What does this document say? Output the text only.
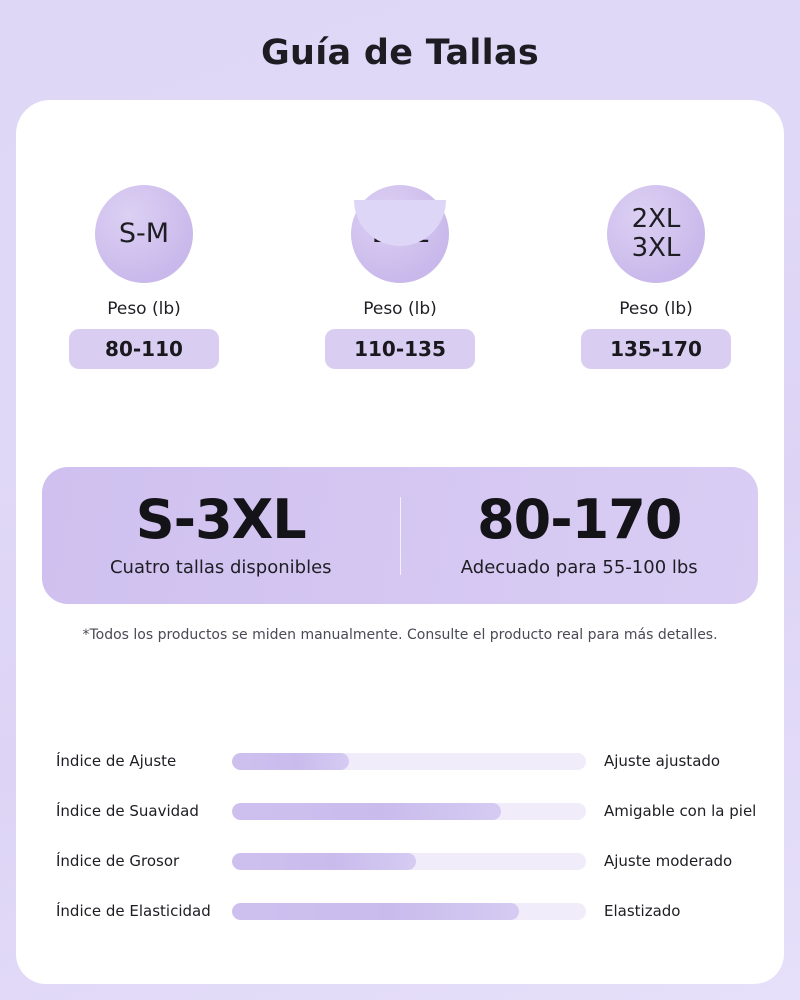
Guía de Tallas
S-M
Peso (lb)
80-110
Peso (lb)
110-135
2XL
3XL
Peso (lb)
135-170
S-3XL
Cuatro tallas disponibles
80-170
Adecuado para 55-100 lbs
*Todos los productos se miden manualmente. Consulte el producto real para más detalles.
Índice de Ajuste	Ajuste ajustado
Índice de Suavidad	Amigable con la piel
Índice de Grosor	Ajuste moderado
Índice de Elasticidad	Elastizado
